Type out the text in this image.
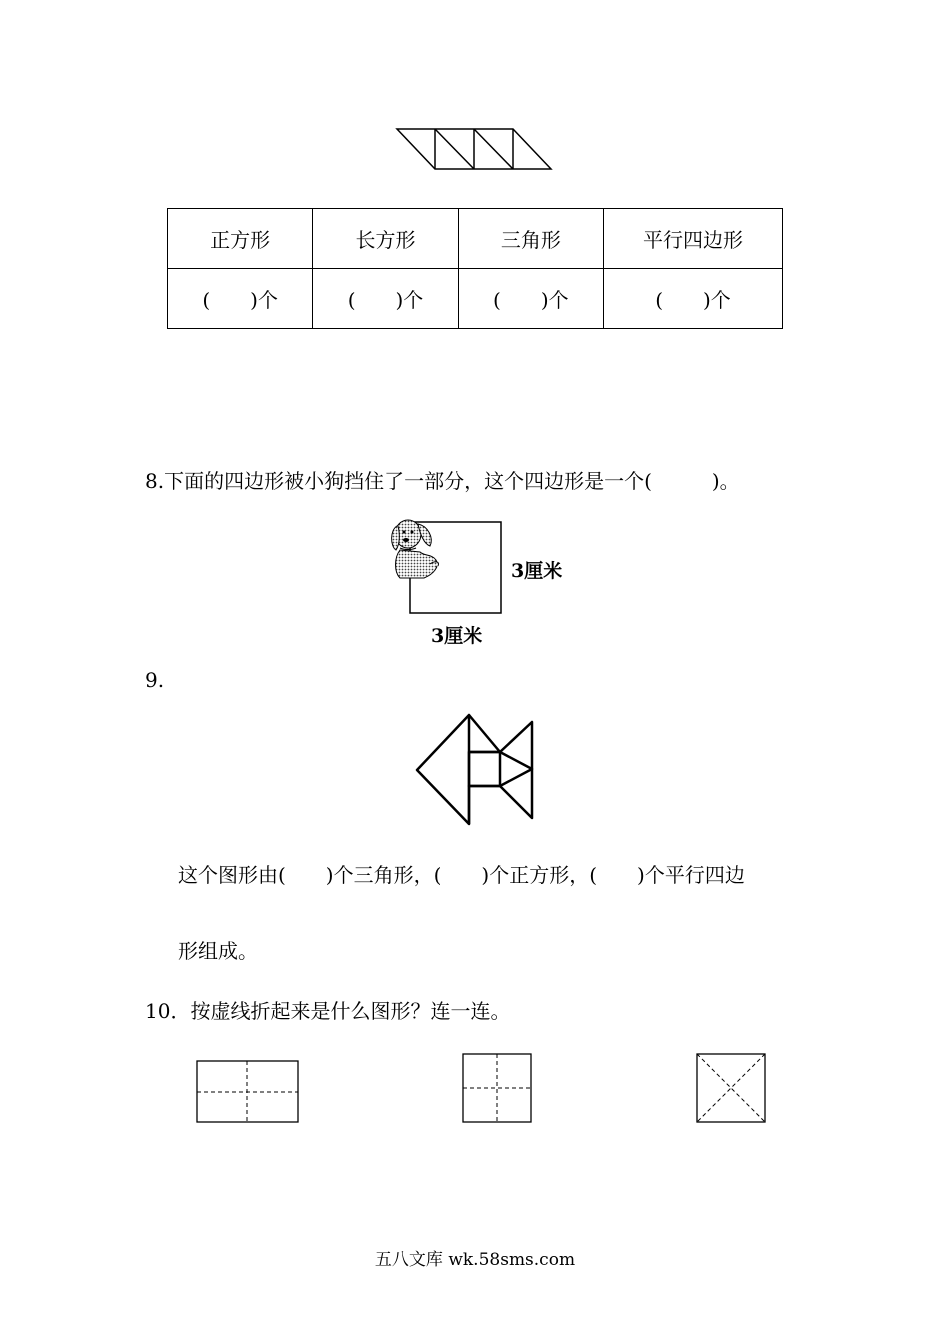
正方形	长方形	三角形	平行四边形
(　　)个	(　　)个	(　　)个	(　　)个
8.下面的四边形被小狗挡住了一部分，这个四边形是一个(　　　)。
3厘米
3厘米
9.
这个图形由(　　)个三角形，(　　)个正方形，(　　)个平行四边
形组成。
10．按虚线折起来是什么图形？连一连。
五八文库 wk.58sms.com
